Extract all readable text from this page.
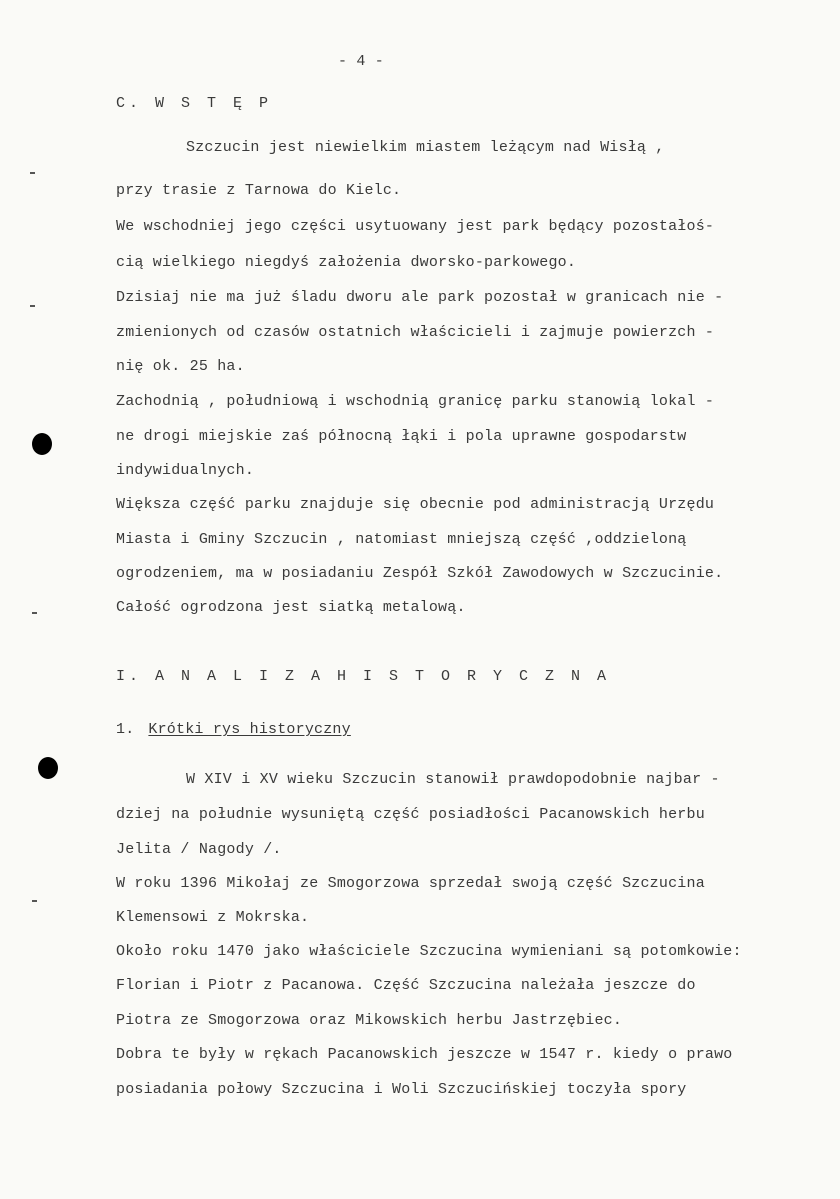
- 4 -
C. W S T Ę P
Szczucin jest niewielkim miastem leżącym nad Wisłą ,
przy trasie z Tarnowa do Kielc.
We wschodniej jego części usytuowany jest park będący pozostałoś-
cią wielkiego niegdyś założenia dworsko-parkowego.
Dzisiaj nie ma już śladu dworu ale park pozostał w granicach nie -
zmienionych od czasów ostatnich właścicieli i zajmuje powierzch -
nię ok. 25 ha.
Zachodnią , południową i wschodnią granicę parku stanowią lokal -
ne drogi miejskie zaś północną łąki i pola uprawne gospodarstw
indywidualnych.
Większa część parku znajduje się obecnie pod administracją Urzędu
Miasta i Gminy Szczucin , natomiast mniejszą część ,oddzieloną
ogrodzeniem, ma w posiadaniu Zespół Szkół Zawodowych w Szczucinie.
Całość ogrodzona jest siatką metalową.
I. A N A L I Z A H I S T O R Y C Z N A
1. Krótki rys historyczny
W XIV i XV wieku Szczucin stanowił prawdopodobnie najbar -
dziej na południe wysuniętą część posiadłości Pacanowskich herbu
Jelita / Nagody /.
W roku 1396 Mikołaj ze Smogorzowa sprzedał swoją część Szczucina
Klemensowi z Mokrska.
Około roku 1470 jako właściciele Szczucina wymieniani są potomkowie:
Florian i Piotr z Pacanowa. Część Szczucina należała jeszcze do
Piotra ze Smogorzowa oraz Mikowskich herbu Jastrzębiec.
Dobra te były w rękach Pacanowskich jeszcze w 1547 r. kiedy o prawo
posiadania połowy Szczucina i Woli Szczucińskiej toczyła spory
